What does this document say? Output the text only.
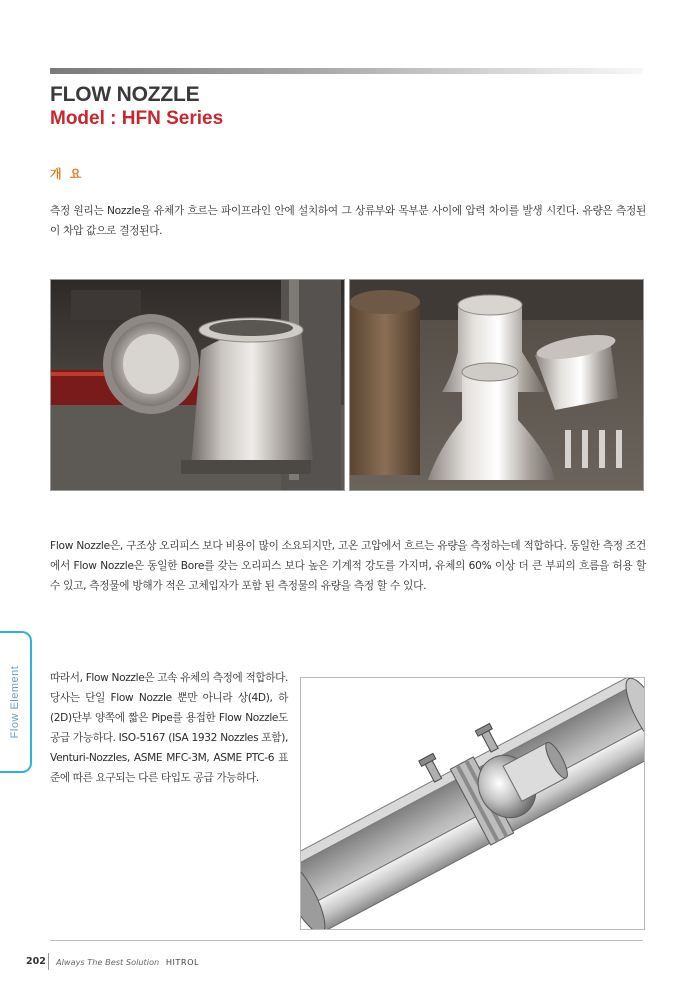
FLOW NOZZLE
Model : HFN Series
개 요

측정 원리는 Nozzle을 유체가 흐르는 파이프라인 안에 설치하여 그 상류부와 목부분 사이에 압력 차이를 발생 시킨다. 유량은 측정된 이 차압 값으로 결정된다.

Flow Nozzle은, 구조상 오리피스 보다 비용이 많이 소요되지만, 고온 고압에서 흐르는 유량을 측정하는데 적합하다. 동일한 측정 조건에서 Flow Nozzle은 동일한 Bore를 갖는 오리피스 보다 높은 기계적 강도를 가지며, 유체의 60% 이상 더 큰 부피의 흐름을 허용 할 수 있고, 측정물에 방해가 적은 고체입자가 포함 된 측정물의 유량을 측정 할 수 있다.

Flow Element	따라서, Flow Nozzle은 고속 유체의 측정에 적합하다. 당사는 단일 Flow Nozzle 뿐만 아니라 상(4D), 하(2D)단부 양쪽에 짧은 Pipe를 용접한 Flow Nozzle도 공급 가능하다. ISO-5167 (ISA 1932 Nozzles 포함), Venturi-Nozzles, ASME MFC-3M, ASME PTC-6 표준에 따른 요구되는 다른 타입도 공급 가능하다.

202 Always The Best Solution HITROL
